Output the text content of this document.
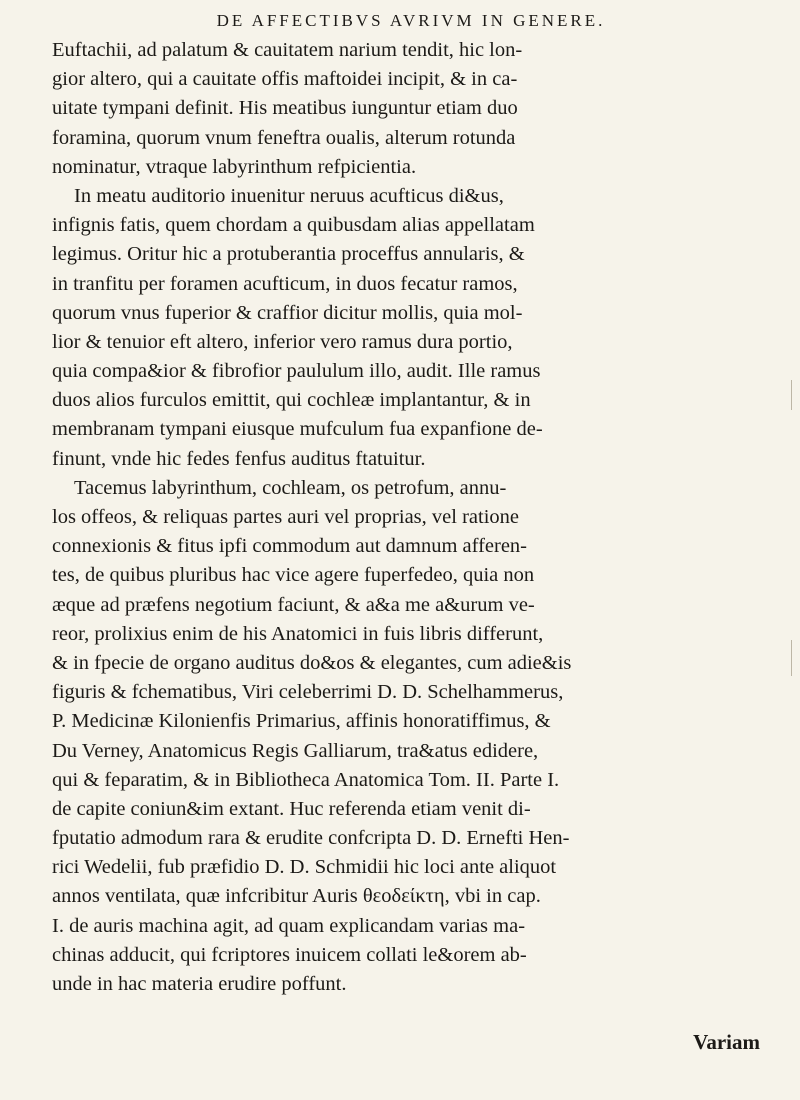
DE AFFECTIBVS AVRIVM IN GENERE.
Euftachii, ad palatum & cauitatem narium tendit, hic lon-
gior altero, qui a cauitate offis maftoidei incipit, & in ca-
uitate tympani definit. His meatibus iunguntur etiam duo
foramina, quorum vnum feneftra oualis, alterum rotunda
nominatur, vtraque labyrinthum refpicientia.
In meatu auditorio inuenitur neruus acufticus di&us,
infignis fatis, quem chordam a quibusdam alias appellatam
legimus. Oritur hic a protuberantia proceffus annularis, &
in tranfitu per foramen acufticum, in duos fecatur ramos,
quorum vnus fuperior & craffior dicitur mollis, quia mol-
lior & tenuior eft altero, inferior vero ramus dura portio,
quia compa&ior & fibrofior paululum illo, audit. Ille ramus
duos alios furculos emittit, qui cochleæ implantantur, & in
membranam tympani eiusque mufculum fua expanfione de-
finunt, vnde hic fedes fenfus auditus ftatuitur.
Tacemus labyrinthum, cochleam, os petrofum, annu-
los offeos, & reliquas partes auri vel proprias, vel ratione
connexionis & fitus ipfi commodum aut damnum afferen-
tes, de quibus pluribus hac vice agere fuperfedeo, quia non
æque ad præfens negotium faciunt, & a&a me a&urum ve-
reor, prolixius enim de his Anatomici in fuis libris differunt,
& in fpecie de organo auditus do&os & elegantes, cum adie&is
figuris & fchematibus, Viri celeberrimi D. D. Schelhammerus,
P. Medicinæ Kilonienfis Primarius, affinis honoratiffimus, &
Du Verney, Anatomicus Regis Galliarum, tra&atus edidere,
qui & feparatim, & in Bibliotheca Anatomica Tom. II. Parte I.
de capite coniun&im extant. Huc referenda etiam venit di-
fputatio admodum rara & erudite confcripta D. D. Ernefti Hen-
rici Wedelii, fub præfidio D. D. Schmidii hic loci ante aliquot
annos ventilata, quæ infcribitur Auris θεοδείκτη, vbi in cap.
I. de auris machina agit, ad quam explicandam varias ma-
chinas adducit, qui fcriptores inuicem collati le&orem ab-
unde in hac materia erudire poffunt.
Variam
